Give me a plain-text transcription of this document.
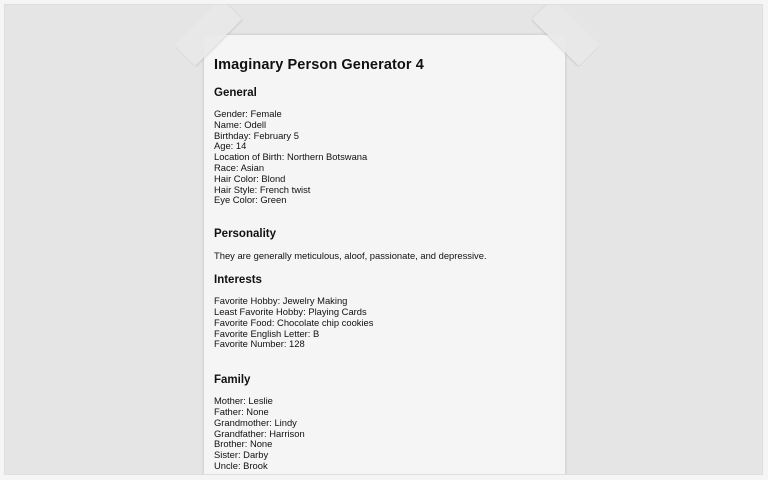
Imaginary Person Generator 4
General
Gender: Female
Name: Odell
Birthday: February 5
Age: 14
Location of Birth: Northern Botswana
Race: Asian
Hair Color: Blond
Hair Style: French twist
Eye Color: Green
Personality

They are generally meticulous, aloof, passionate, and depressive.

Interests
Favorite Hobby: Jewelry Making
Least Favorite Hobby: Playing Cards
Favorite Food: Chocolate chip cookies
Favorite English Letter: B
Favorite Number: 128
Family
Mother: Leslie
Father: None
Grandmother: Lindy
Grandfather: Harrison
Brother: None
Sister: Darby
Uncle: Brook
